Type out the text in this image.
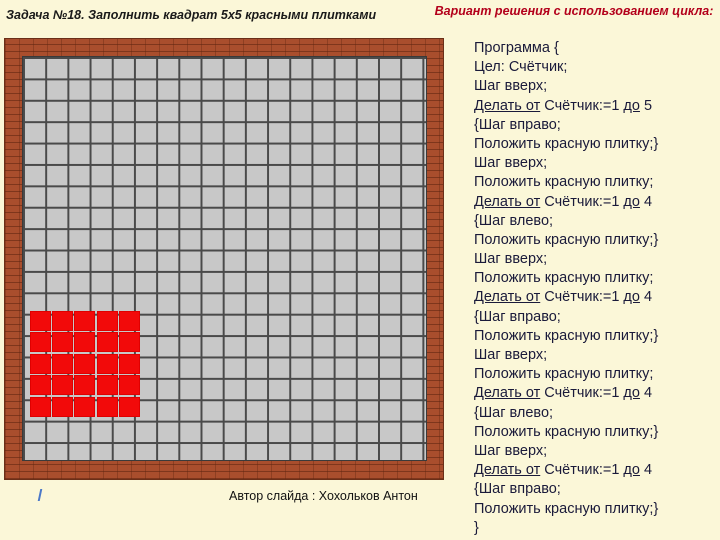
Задача №18. Заполнить квадрат 5х5 красными плитками	Вариант решения с использованием цикла:
Автор слайда : Хохольков Антон
Программа {
Цел: Счётчик;
Шаг вверх;
Делать от Счётчик:=1 до 5
{Шаг вправо;
Положить красную плитку;}
Шаг вверх;
Положить красную плитку;
Делать от Счётчик:=1 до 4
{Шаг влево;
Положить красную плитку;}
Шаг вверх;
Положить красную плитку;
Делать от Счётчик:=1 до 4
{Шаг вправо;
Положить красную плитку;}
Шаг вверх;
Положить красную плитку;
Делать от Счётчик:=1 до 4
{Шаг влево;
Положить красную плитку;}
Шаг вверх;
Делать от Счётчик:=1 до 4
{Шаг вправо;
Положить красную плитку;}
}
